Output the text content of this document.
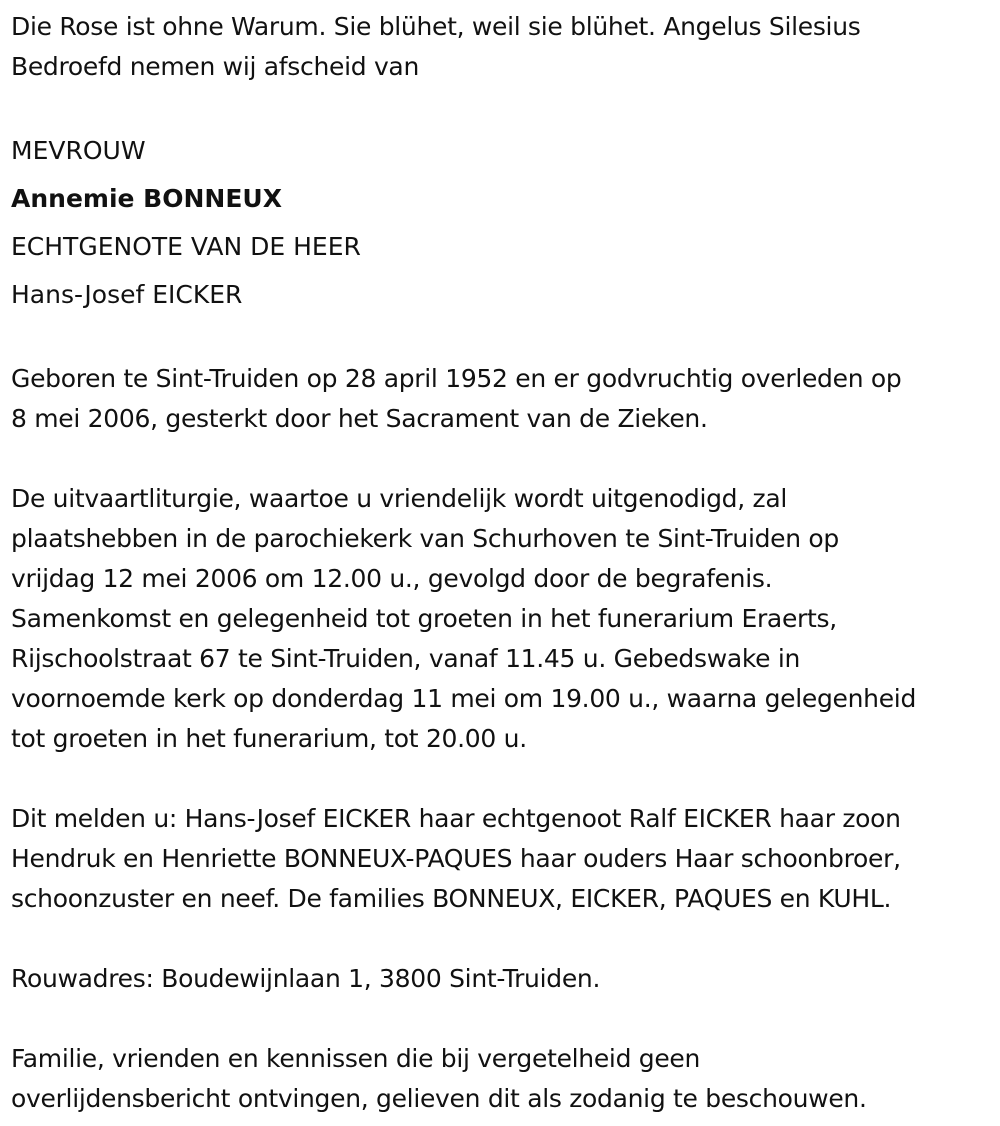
Die Rose ist ohne Warum. Sie blühet, weil sie blühet. Angelus Silesius

Bedroefd nemen wij afscheid van

MEVROUW

Annemie BONNEUX

ECHTGENOTE VAN DE HEER

Hans-Josef EICKER

Geboren te Sint-Truiden op 28 april 1952 en er godvruchtig overleden op

8 mei 2006, gesterkt door het Sacrament van de Zieken.

De uitvaartliturgie, waartoe u vriendelijk wordt uitgenodigd, zal

plaatshebben in de parochiekerk van Schurhoven te Sint-Truiden op

vrijdag 12 mei 2006 om 12.00 u., gevolgd door de begrafenis.

Samenkomst en gelegenheid tot groeten in het funerarium Eraerts,

Rijschoolstraat 67 te Sint-Truiden, vanaf 11.45 u. Gebedswake in

voornoemde kerk op donderdag 11 mei om 19.00 u., waarna gelegenheid

tot groeten in het funerarium, tot 20.00 u.

Dit melden u: Hans-Josef EICKER haar echtgenoot Ralf EICKER haar zoon

Hendruk en Henriette BONNEUX-PAQUES haar ouders Haar schoonbroer,

schoonzuster en neef. De families BONNEUX, EICKER, PAQUES en KUHL.

Rouwadres: Boudewijnlaan 1, 3800 Sint-Truiden.

Familie, vrienden en kennissen die bij vergetelheid geen

overlijdensbericht ontvingen, gelieven dit als zodanig te beschouwen.
